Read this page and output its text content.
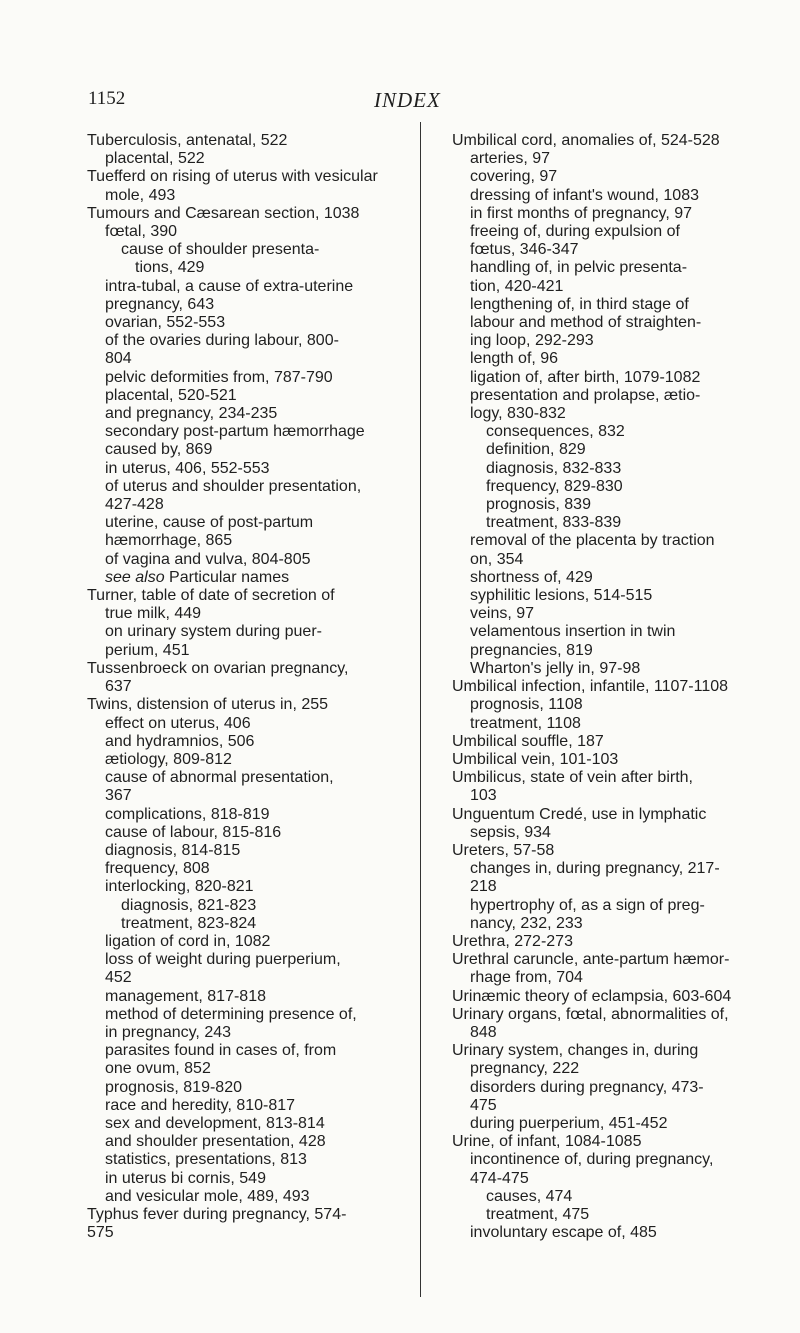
1152	INDEX
Tuberculosis, antenatal, 522
placental, 522
Tuefferd on rising of uterus with vesicular
mole, 493
Tumours and Cæsarean section, 1038
fœtal, 390
cause of shoulder presenta-
tions, 429
intra-tubal, a cause of extra-uterine
pregnancy, 643
ovarian, 552-553
of the ovaries during labour, 800-
804
pelvic deformities from, 787-790
placental, 520-521
and pregnancy, 234-235
secondary post-partum hæmorrhage
caused by, 869
in uterus, 406, 552-553
of uterus and shoulder presentation,
427-428
uterine, cause of post-partum
hæmorrhage, 865
of vagina and vulva, 804-805
see also Particular names
Turner, table of date of secretion of
true milk, 449
on urinary system during puer-
perium, 451
Tussenbroeck on ovarian pregnancy,
637
Twins, distension of uterus in, 255
effect on uterus, 406
and hydramnios, 506
ætiology, 809-812
cause of abnormal presentation,
367
complications, 818-819
cause of labour, 815-816
diagnosis, 814-815
frequency, 808
interlocking, 820-821
diagnosis, 821-823
treatment, 823-824
ligation of cord in, 1082
loss of weight during puerperium,
452
management, 817-818
method of determining presence of,
in pregnancy, 243
parasites found in cases of, from
one ovum, 852
prognosis, 819-820
race and heredity, 810-817
sex and development, 813-814
and shoulder presentation, 428
statistics, presentations, 813
in uterus bi cornis, 549
and vesicular mole, 489, 493
Typhus fever during pregnancy, 574-
575
Umbilical cord, anomalies of, 524-528
arteries, 97
covering, 97
dressing of infant's wound, 1083
in first months of pregnancy, 97
freeing of, during expulsion of
fœtus, 346-347
handling of, in pelvic presenta-
tion, 420-421
lengthening of, in third stage of
labour and method of straighten-
ing loop, 292-293
length of, 96
ligation of, after birth, 1079-1082
presentation and prolapse, ætio-
logy, 830-832
consequences, 832
definition, 829
diagnosis, 832-833
frequency, 829-830
prognosis, 839
treatment, 833-839
removal of the placenta by traction
on, 354
shortness of, 429
syphilitic lesions, 514-515
veins, 97
velamentous insertion in twin
pregnancies, 819
Wharton's jelly in, 97-98
Umbilical infection, infantile, 1107-1108
prognosis, 1108
treatment, 1108
Umbilical souffle, 187
Umbilical vein, 101-103
Umbilicus, state of vein after birth,
103
Unguentum Credé, use in lymphatic
sepsis, 934
Ureters, 57-58
changes in, during pregnancy, 217-
218
hypertrophy of, as a sign of preg-
nancy, 232, 233
Urethra, 272-273
Urethral caruncle, ante-partum hæmor-
rhage from, 704
Urinæmic theory of eclampsia, 603-604
Urinary organs, fœtal, abnormalities of,
848
Urinary system, changes in, during
pregnancy, 222
disorders during pregnancy, 473-
475
during puerperium, 451-452
Urine, of infant, 1084-1085
incontinence of, during pregnancy,
474-475
causes, 474
treatment, 475
involuntary escape of, 485
